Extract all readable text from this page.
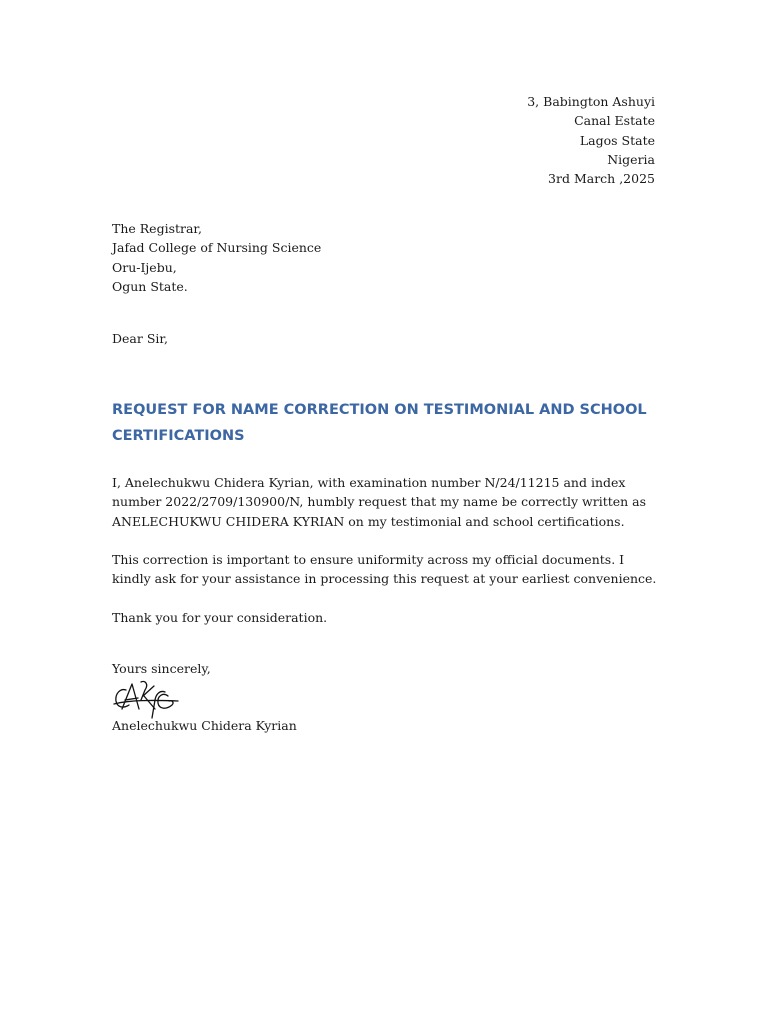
3, Babington Ashuyi
Canal Estate
Lagos State
Nigeria
3rd March ,2025
The Registrar,
Jafad College of Nursing Science
Oru-Ijebu,
Ogun State.
Dear Sir,
REQUEST FOR NAME CORRECTION ON TESTIMONIAL AND SCHOOL CERTIFICATIONS
I, Anelechukwu Chidera Kyrian, with examination number N/24/11215 and index number 2022/2709/130900/N, humbly request that my name be correctly written as ANELECHUKWU CHIDERA KYRIAN on my testimonial and school certifications.
This correction is important to ensure uniformity across my official documents. I kindly ask for your assistance in processing this request at your earliest convenience.
Thank you for your consideration.
Yours sincerely,
Anelechukwu Chidera Kyrian
